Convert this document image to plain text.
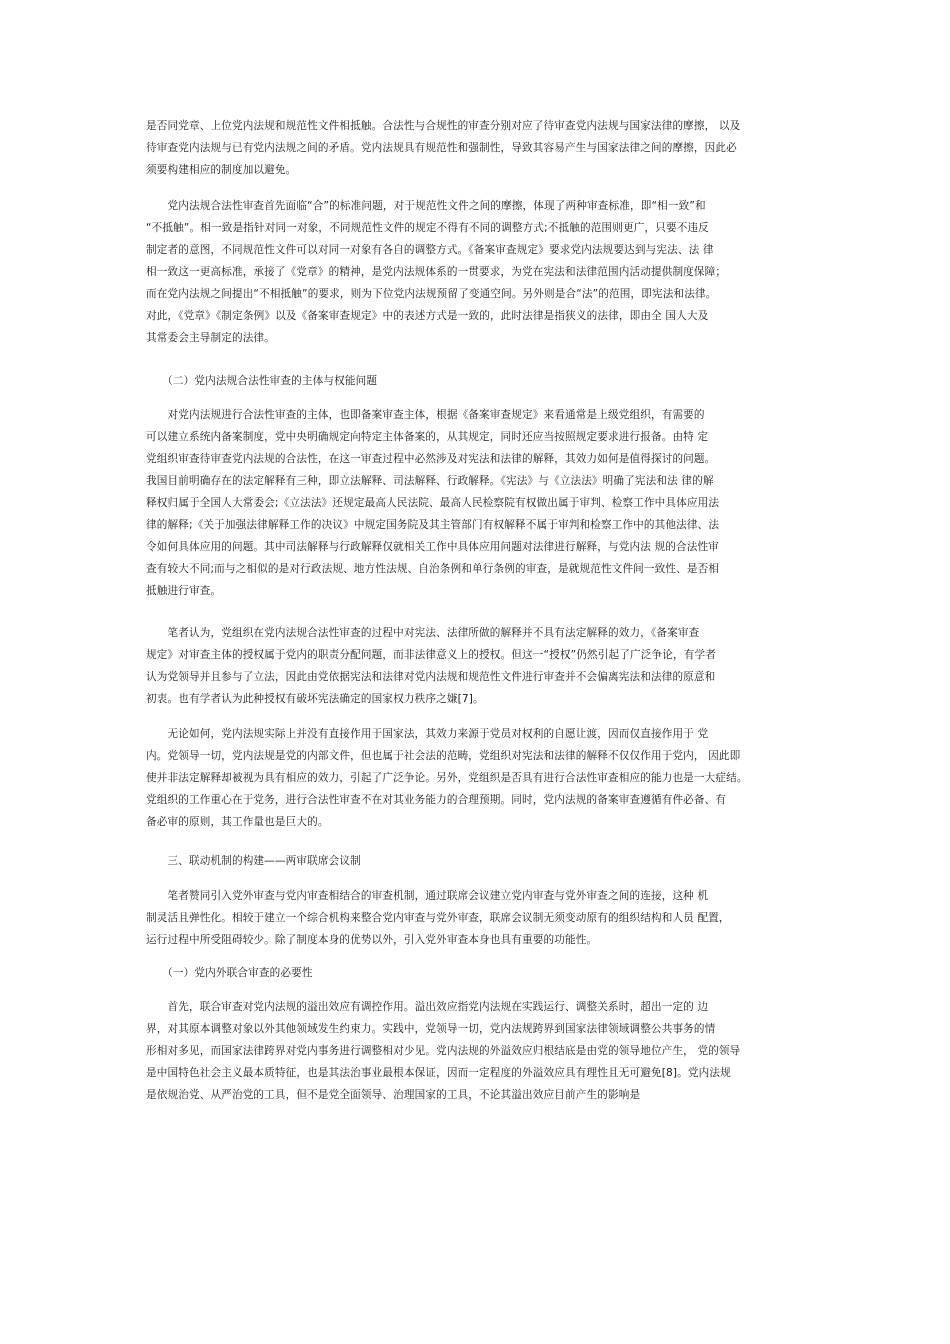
是否同党章、上位党内法规和规范性文件相抵触。合法性与合规性的审查分别对应了待审查党内法规与国家法律的摩擦， 以及
待审查党内法规与已有党内法规之间的矛盾。党内法规具有规范性和强制性，导致其容易产生与国家法律之间的摩擦，因此必
须要构建相应的制度加以避免。
　　党内法规合法性审查首先面临“合”的标准问题，对于规范性文件之间的摩擦，体现了两种审查标准，即“相一致”和
“不抵触”。相一致是指针对同一对象，不同规范性文件的规定不得有不同的调整方式;不抵触的范围则更广，只要不违反
制定者的意图，不同规范性文件可以对同一对象有各自的调整方式。《备案审查规定》要求党内法规要达到与宪法、法 律
相一致这一更高标准，承接了《党章》的精神，是党内法规体系的一贯要求，为党在宪法和法律范围内活动提供制度保障；
而在党内法规之间提出“不相抵触”的要求，则为下位党内法规预留了变通空间。另外则是合“法”的范围，即宪法和法律。
对此，《党章》《制定条例》以及《备案审查规定》中的表述方式是一致的，此时法律是指狭义的法律，即由全 国人大及
其常委会主导制定的法律。
　　（二）党内法规合法性审查的主体与权能问题
　　对党内法规进行合法性审查的主体，也即备案审查主体，根据《备案审查规定》来看通常是上级党组织，有需要的
可以建立系统内备案制度，党中央明确规定向特定主体备案的，从其规定，同时还应当按照规定要求进行报备。由特 定
党组织审查待审查党内法规的合法性，在这一审查过程中必然涉及对宪法和法律的解释，其效力如何是值得探讨的问题。
我国目前明确存在的法定解释有三种，即立法解释、司法解释、行政解释。《宪法》与《立法法》明确了宪法和法 律的解
释权归属于全国人大常委会;《立法法》还规定最高人民法院、最高人民检察院有权做出属于审判、检察工作中具体应用法
律的解释;《关于加强法律解释工作的决议》中规定国务院及其主管部门有权解释不属于审判和检察工作中的其他法律、法
令如何具体应用的问题。其中司法解释与行政解释仅就相关工作中具体应用问题对法律进行解释，与党内法 规的合法性审
查有较大不同;而与之相似的是对行政法规、地方性法规、自治条例和单行条例的审查，是就规范性文件间一致性、是否相
抵触进行审查。
　　笔者认为，党组织在党内法规合法性审查的过程中对宪法、法律所做的解释并不具有法定解释的效力，《备案审查
规定》对审查主体的授权属于党内的职责分配问题，而非法律意义上的授权。但这一“授权”仍然引起了广泛争论，有学者
认为党领导并且参与了立法，因此由党依据宪法和法律对党内法规和规范性文件进行审查并不会偏离宪法和法律的原意和
初衷。也有学者认为此种授权有破坏宪法确定的国家权力秩序之嫌[7]。
　　无论如何，党内法规实际上并没有直接作用于国家法，其效力来源于党员对权利的自愿让渡，因而仅直接作用于 党
内。党领导一切，党内法规是党的内部文件，但也属于社会法的范畴，党组织对宪法和法律的解释不仅仅作用于党内， 因此即
使并非法定解释却被视为具有相应的效力，引起了广泛争论。另外，党组织是否具有进行合法性审查相应的能力也是一大症结。
党组织的工作重心在于党务，进行合法性审查不在对其业务能力的合理预期。同时，党内法规的备案审查遵循有件必备、有
备必审的原则，其工作量也是巨大的。
　　三、联动机制的构建——两审联席会议制
　　笔者赞同引入党外审查与党内审查相结合的审查机制，通过联席会议建立党内审查与党外审查之间的连接，这种 机
制灵活且弹性化。相较于建立一个综合机构来整合党内审查与党外审查，联席会议制无须变动原有的组织结构和人员 配置，
运行过程中所受阻碍较少。除了制度本身的优势以外，引入党外审查本身也具有重要的功能性。
　　（一）党内外联合审查的必要性
　　首先，联合审查对党内法规的溢出效应有调控作用。溢出效应指党内法规在实践运行、调整关系时，超出一定的 边
界，对其原本调整对象以外其他领域发生约束力。实践中，党领导一切，党内法规跨界到国家法律领域调整公共事务的情
形相对多见，而国家法律跨界对党内事务进行调整相对少见。党内法规的外溢效应归根结底是由党的领导地位产生， 党的领导
是中国特色社会主义最本质特征，也是其法治事业最根本保证，因而一定程度的外溢效应具有理性且无可避免[8]。党内法规
是依规治党、从严治党的工具，但不是党全面领导、治理国家的工具，不论其溢出效应目前产生的影响是
